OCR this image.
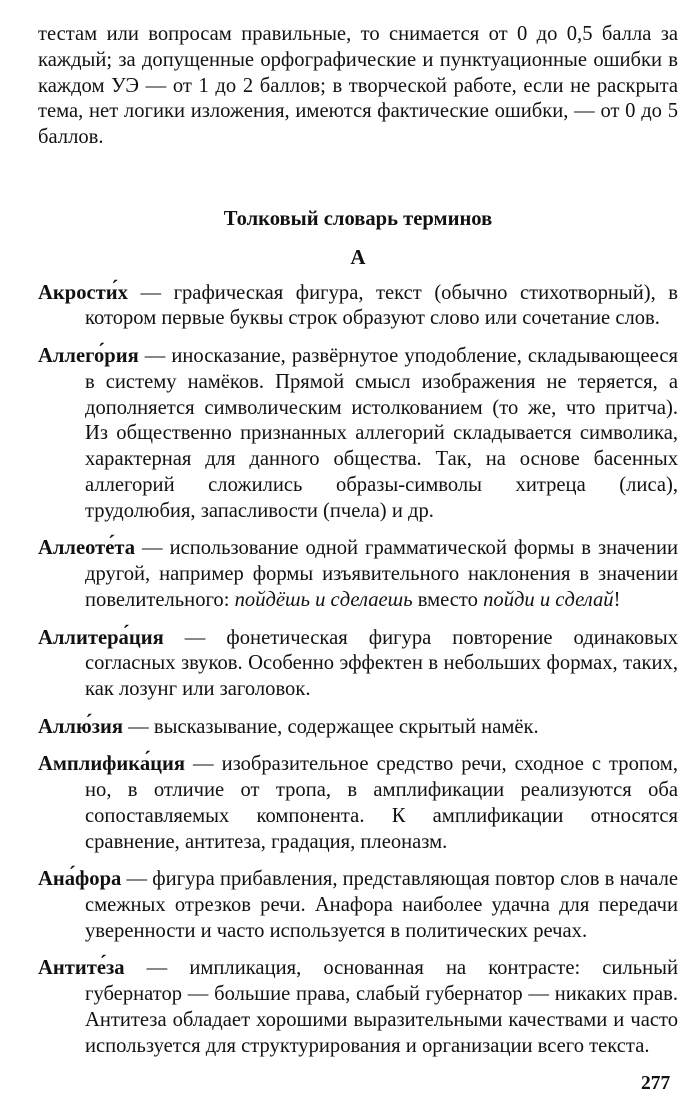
тестам или вопросам правильные, то снимается от 0 до 0,5 балла за каждый; за допущенные орфографические и пунктуационные ошибки в каждом УЭ — от 1 до 2 баллов; в творческой работе, если не раскрыта тема, нет логики изложения, имеются фактические ошибки, — от 0 до 5 баллов.

Толковый словарь терминов
А

Акрости́х — графическая фигура, текст (обычно стихотворный), в котором первые буквы строк образуют слово или сочетание слов.

Аллего́рия — иносказание, развёрнутое уподобление, складывающееся в систему намёков. Прямой смысл изображения не теряется, а дополняется символическим истолкованием (то же, что притча). Из общественно признанных аллегорий складывается символика, характерная для данного общества. Так, на основе басенных аллегорий сложились образы-символы хитреца (лиса), трудолюбия, запасливости (пчела) и др.

Аллеоте́та — использование одной грамматической формы в значении другой, например формы изъявительного наклонения в значении повелительного: пойдёшь и сделаешь вместо пойди и сделай!

Аллитера́ция — фонетическая фигура повторение одинаковых согласных звуков. Особенно эффектен в небольших формах, таких, как лозунг или заголовок.

Аллю́зия — высказывание, содержащее скрытый намёк.

Амплифика́ция — изобразительное средство речи, сходное с тропом, но, в отличие от тропа, в амплификации реализуются оба сопоставляемых компонента. К амплификации относятся сравнение, антитеза, градация, плеоназм.

Ана́фора — фигура прибавления, представляющая повтор слов в начале смежных отрезков речи. Анафора наиболее удачна для передачи уверенности и часто используется в политических речах.

Антите́за — импликация, основанная на контрасте: сильный губернатор — большие права, слабый губернатор — никаких прав. Антитеза обладает хорошими выразительными качествами и часто используется для структурирования и организации всего текста.

277
